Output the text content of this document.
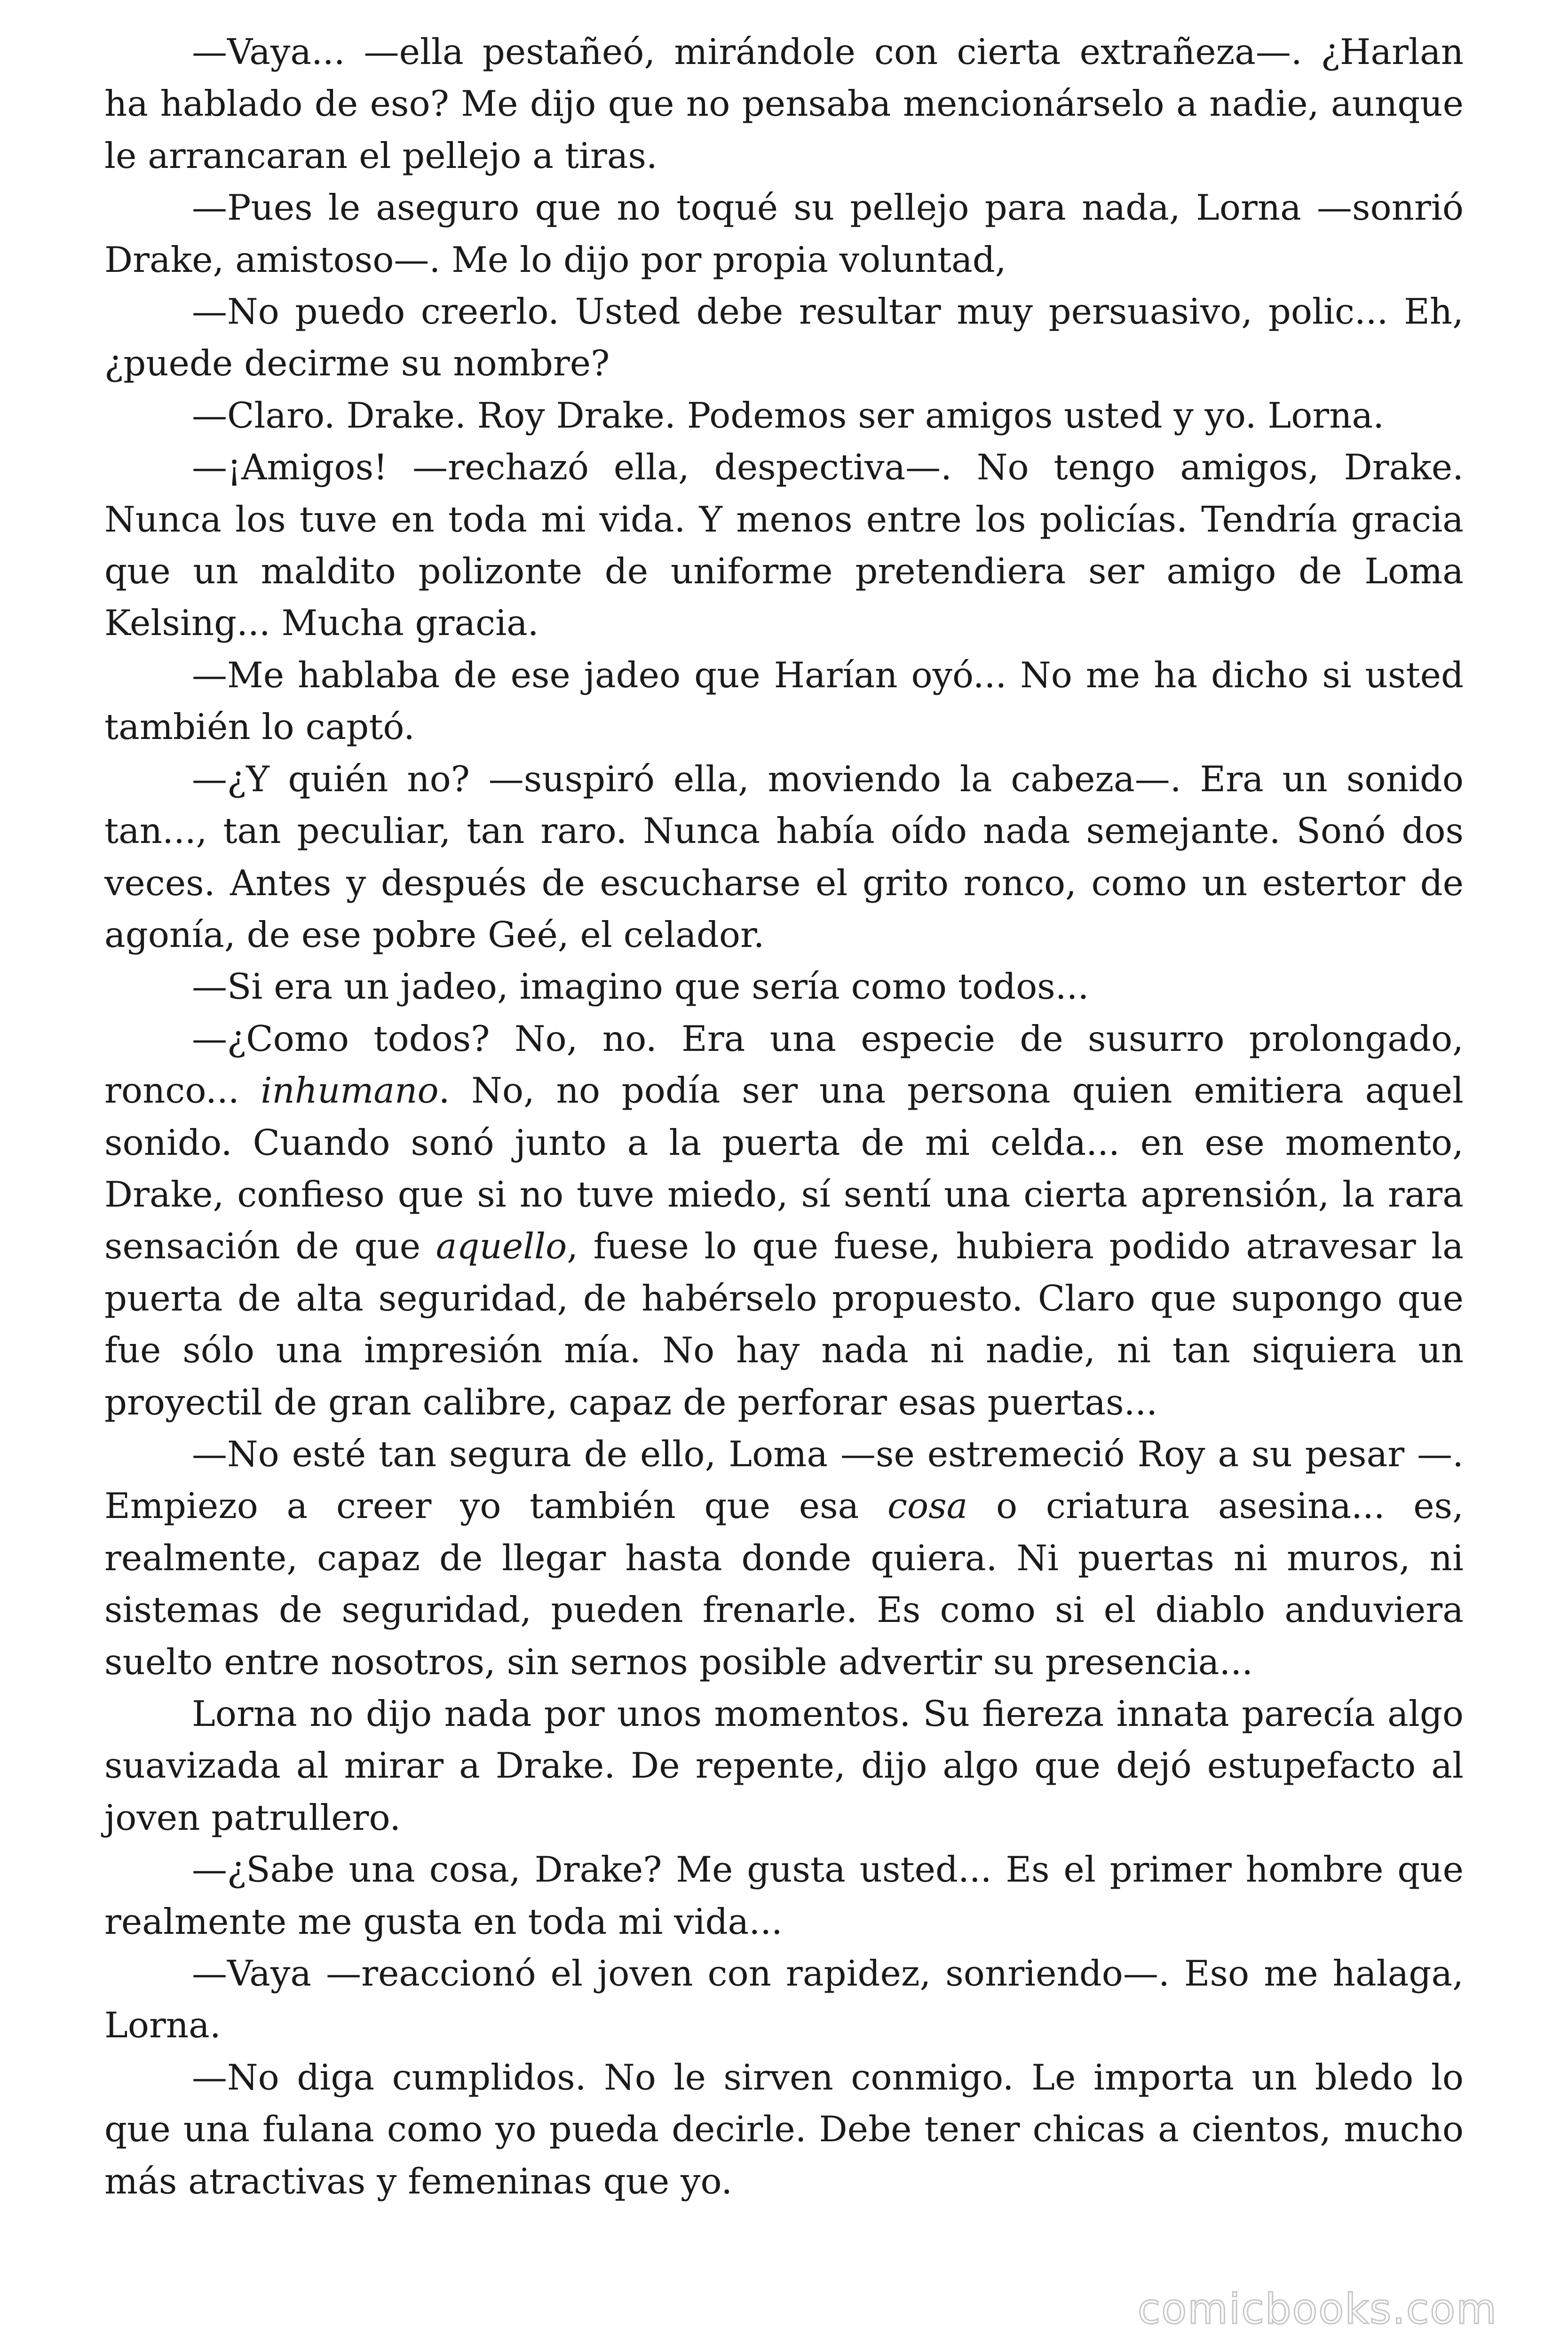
—Vaya... —ella pestañeó, mirándole con cierta extrañeza—. ¿Harlan ha hablado de eso? Me dijo que no pensaba mencionárselo a nadie, aunque le arrancaran el pellejo a tiras.

—Pues le aseguro que no toqué su pellejo para nada, Lorna —sonrió Drake, amistoso—. Me lo dijo por propia voluntad,

—No puedo creerlo. Usted debe resultar muy persuasivo, polic... Eh, ¿puede decirme su nombre?

—Claro. Drake. Roy Drake. Podemos ser amigos usted y yo. Lorna.

—¡Amigos! —rechazó ella, despectiva—. No tengo amigos, Drake. Nunca los tuve en toda mi vida. Y menos entre los policías. Tendría gracia que un maldito polizonte de uniforme pretendiera ser amigo de Loma Kelsing... Mucha gracia.

—Me hablaba de ese jadeo que Harían oyó... No me ha dicho si usted también lo captó.

—¿Y quién no? —suspiró ella, moviendo la cabeza—. Era un sonido tan..., tan peculiar, tan raro. Nunca había oído nada semejante. Sonó dos veces. Antes y después de escucharse el grito ronco, como un estertor de agonía, de ese pobre Geé, el celador.

—Si era un jadeo, imagino que sería como todos...

—¿Como todos? No, no. Era una especie de susurro prolongado, ronco... inhumano. No, no podía ser una persona quien emitiera aquel sonido. Cuando sonó junto a la puerta de mi celda... en ese momento, Drake, confieso que si no tuve miedo, sí sentí una cierta aprensión, la rara sensación de que aquello, fuese lo que fuese, hubiera podido atravesar la puerta de alta seguridad, de habérselo propuesto. Claro que supongo que fue sólo una impresión mía. No hay nada ni nadie, ni tan siquiera un proyectil de gran calibre, capaz de perforar esas puertas...

—No esté tan segura de ello, Loma —se estremeció Roy a su pesar —. Empiezo a creer yo también que esa cosa o criatura asesina... es, realmente, capaz de llegar hasta donde quiera. Ni puertas ni muros, ni sistemas de seguridad, pueden frenarle. Es como si el diablo anduviera suelto entre nosotros, sin sernos posible advertir su presencia...

Lorna no dijo nada por unos momentos. Su fiereza innata parecía algo suavizada al mirar a Drake. De repente, dijo algo que dejó estupefacto al joven patrullero.

—¿Sabe una cosa, Drake? Me gusta usted... Es el primer hombre que realmente me gusta en toda mi vida...

—Vaya —reaccionó el joven con rapidez, sonriendo—. Eso me halaga, Lorna.

—No diga cumplidos. No le sirven conmigo. Le importa un bledo lo que una fulana como yo pueda decirle. Debe tener chicas a cientos, mucho más atractivas y femeninas que yo.

comicbooks.com
